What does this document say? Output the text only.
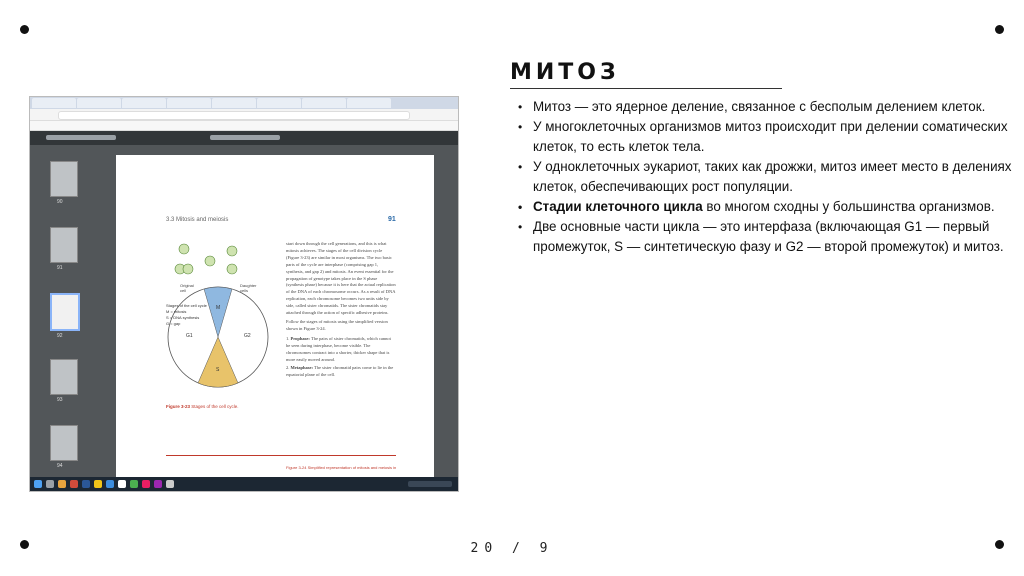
МИТОЗ
• Митоз — это ядерное деление, связанное с бесполым делением клеток.
• У многоклеточных организмов митоз происходит при делении соматических клеток, то есть клеток тела.
• У одноклеточных эукариот, таких как дрожжи, митоз имеет место в делениях клеток, обеспечивающих рост популяции.
• Стадии клеточного цикла во многом сходны у большинства организмов.
• Две основные части цикла — это интерфаза (включающая G1 — первый промежуток, S — синтетическую фазу и G2 — второй промежуток) и митоз.
20 / 9
90
91
92
93
94
3.3 Mitosis and meiosis	91
M
G1	G2
S
Original cell
Daughter cells
Stages of the cell cycle
M = mitosis
S = DNA synthesis
G = gap
Figure 3-23 Stages of the cell cycle.
start down through the cell generations, and this is what mitosis achieves. The stages of the cell division cycle (Figure 3-23) are similar in most organisms. The two basic parts of the cycle are interphase (comprising gap 1, synthesis, and gap 2) and mitosis. An event essential for the propagation of genotype takes place in the S phase (synthesis phase) because it is here that the actual replication of the DNA of each chromosome occurs. As a result of DNA replication, each chromosome becomes two units side by side, called sister chromatids. The sister chromatids stay attached through the action of specific adhesive proteins.
Follow the stages of mitosis using the simplified version shown in Figure 3-24.
1. Prophase: The pairs of sister chromatids, which cannot be seen during interphase, become visible. The chromosomes contract into a shorter, thicker shape that is more easily moved around.
2. Metaphase: The sister chromatid pairs come to lie in the equatorial plane of the cell.
Figure 3-24 Simplified representation of mitosis and meiosis in
